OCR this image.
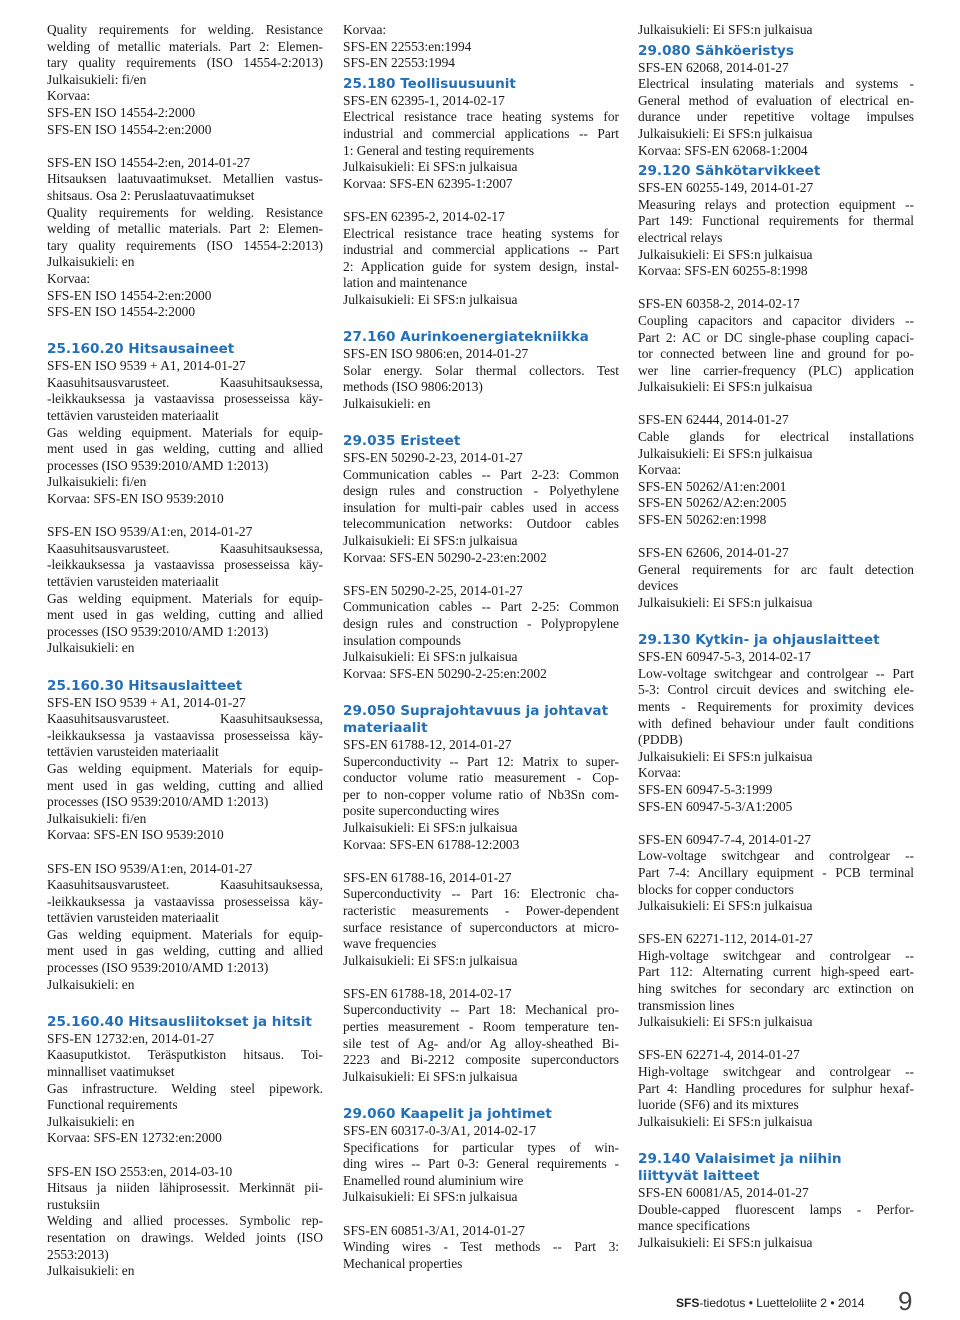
Quality requirements for welding. Resistance
welding of metallic materials. Part 2: Elemen-
tary quality requirements (ISO 14554-2:2013)
Julkaisukieli: fi/en
Korvaa:
SFS-EN ISO 14554-2:2000
SFS-EN ISO 14554-2:en:2000
SFS-EN ISO 14554-2:en, 2014-01-27
Hitsauksen laatuvaatimukset. Metallien vastus-
shitsaus. Osa 2: Peruslaatuvaatimukset
Quality requirements for welding. Resistance
welding of metallic materials. Part 2: Elemen-
tary quality requirements (ISO 14554-2:2013)
Julkaisukieli: en
Korvaa:
SFS-EN ISO 14554-2:en:2000
SFS-EN ISO 14554-2:2000
25.160.20 Hitsausaineet
SFS-EN ISO 9539 + A1, 2014-01-27
Kaasuhitsausvarusteet. Kaasuhitsauksessa,
-leikkauksessa ja vastaavissa prosesseissa käy-
tettävien varusteiden materiaalit
Gas welding equipment. Materials for equip-
ment used in gas welding, cutting and allied
processes (ISO 9539:2010/AMD 1:2013)
Julkaisukieli: fi/en
Korvaa: SFS-EN ISO 9539:2010
SFS-EN ISO 9539/A1:en, 2014-01-27
Kaasuhitsausvarusteet. Kaasuhitsauksessa,
-leikkauksessa ja vastaavissa prosesseissa käy-
tettävien varusteiden materiaalit
Gas welding equipment. Materials for equip-
ment used in gas welding, cutting and allied
processes (ISO 9539:2010/AMD 1:2013)
Julkaisukieli: en
25.160.30 Hitsauslaitteet
SFS-EN ISO 9539 + A1, 2014-01-27
Kaasuhitsausvarusteet. Kaasuhitsauksessa,
-leikkauksessa ja vastaavissa prosesseissa käy-
tettävien varusteiden materiaalit
Gas welding equipment. Materials for equip-
ment used in gas welding, cutting and allied
processes (ISO 9539:2010/AMD 1:2013)
Julkaisukieli: fi/en
Korvaa: SFS-EN ISO 9539:2010
SFS-EN ISO 9539/A1:en, 2014-01-27
Kaasuhitsausvarusteet. Kaasuhitsauksessa,
-leikkauksessa ja vastaavissa prosesseissa käy-
tettävien varusteiden materiaalit
Gas welding equipment. Materials for equip-
ment used in gas welding, cutting and allied
processes (ISO 9539:2010/AMD 1:2013)
Julkaisukieli: en
25.160.40 Hitsausliitokset ja hitsit
SFS-EN 12732:en, 2014-01-27
Kaasuputkistot. Teräsputkiston hitsaus. Toi-
minnalliset vaatimukset
Gas infrastructure. Welding steel pipework.
Functional requirements
Julkaisukieli: en
Korvaa: SFS-EN 12732:en:2000
SFS-EN ISO 2553:en, 2014-03-10
Hitsaus ja niiden lähiprosessit. Merkinnät pii-
rustuksiin
Welding and allied processes. Symbolic rep-
resentation on drawings. Welded joints (ISO
2553:2013)
Julkaisukieli: en
Korvaa:
SFS-EN 22553:en:1994
SFS-EN 22553:1994
25.180 Teollisuusuunit
SFS-EN 62395-1, 2014-02-17
Electrical resistance trace heating systems for
industrial and commercial applications -- Part
1: General and testing requirements
Julkaisukieli: Ei SFS:n julkaisua
Korvaa: SFS-EN 62395-1:2007
SFS-EN 62395-2, 2014-02-17
Electrical resistance trace heating systems for
industrial and commercial applications -- Part
2: Application guide for system design, instal-
lation and maintenance
Julkaisukieli: Ei SFS:n julkaisua
27.160 Aurinkoenergiatekniikka
SFS-EN ISO 9806:en, 2014-01-27
Solar energy. Solar thermal collectors. Test
methods (ISO 9806:2013)
Julkaisukieli: en
29.035 Eristeet
SFS-EN 50290-2-23, 2014-01-27
Communication cables -- Part 2-23: Common
design rules and construction - Polyethylene
insulation for multi-pair cables used in access
telecommunication networks: Outdoor cables
Julkaisukieli: Ei SFS:n julkaisua
Korvaa: SFS-EN 50290-2-23:en:2002
SFS-EN 50290-2-25, 2014-01-27
Communication cables -- Part 2-25: Common
design rules and construction - Polypropylene
insulation compounds
Julkaisukieli: Ei SFS:n julkaisua
Korvaa: SFS-EN 50290-2-25:en:2002
29.050 Suprajohtavuus ja johtavat
materiaalit
SFS-EN 61788-12, 2014-01-27
Superconductivity -- Part 12: Matrix to super-
conductor volume ratio measurement - Cop-
per to non-copper volume ratio of Nb3Sn com-
posite superconducting wires
Julkaisukieli: Ei SFS:n julkaisua
Korvaa: SFS-EN 61788-12:2003
SFS-EN 61788-16, 2014-01-27
Superconductivity -- Part 16: Electronic cha-
racteristic measurements - Power-dependent
surface resistance of superconductors at micro-
wave frequencies
Julkaisukieli: Ei SFS:n julkaisua
SFS-EN 61788-18, 2014-02-17
Superconductivity -- Part 18: Mechanical pro-
perties measurement - Room temperature ten-
sile test of Ag- and/or Ag alloy-sheathed Bi-
2223 and Bi-2212 composite superconductors
Julkaisukieli: Ei SFS:n julkaisua
29.060 Kaapelit ja johtimet
SFS-EN 60317-0-3/A1, 2014-02-17
Specifications for particular types of win-
ding wires -- Part 0-3: General requirements -
Enamelled round aluminium wire
Julkaisukieli: Ei SFS:n julkaisua
SFS-EN 60851-3/A1, 2014-01-27
Winding wires - Test methods -- Part 3:
Mechanical properties
Julkaisukieli: Ei SFS:n julkaisua
29.080 Sähköeristys
SFS-EN 62068, 2014-01-27
Electrical insulating materials and systems -
General method of evaluation of electrical en-
durance under repetitive voltage impulses
Julkaisukieli: Ei SFS:n julkaisua
Korvaa: SFS-EN 62068-1:2004
29.120 Sähkötarvikkeet
SFS-EN 60255-149, 2014-01-27
Measuring relays and protection equipment --
Part 149: Functional requirements for thermal
electrical relays
Julkaisukieli: Ei SFS:n julkaisua
Korvaa: SFS-EN 60255-8:1998
SFS-EN 60358-2, 2014-02-17
Coupling capacitors and capacitor dividers --
Part 2: AC or DC single-phase coupling capaci-
tor connected between line and ground for po-
wer line carrier-frequency (PLC) application
Julkaisukieli: Ei SFS:n julkaisua
SFS-EN 62444, 2014-01-27
Cable glands for electrical installations
Julkaisukieli: Ei SFS:n julkaisua
Korvaa:
SFS-EN 50262/A1:en:2001
SFS-EN 50262/A2:en:2005
SFS-EN 50262:en:1998
SFS-EN 62606, 2014-01-27
General requirements for arc fault detection
devices
Julkaisukieli: Ei SFS:n julkaisua
29.130 Kytkin- ja ohjauslaitteet
SFS-EN 60947-5-3, 2014-02-17
Low-voltage switchgear and controlgear -- Part
5-3: Control circuit devices and switching ele-
ments - Requirements for proximity devices
with defined behaviour under fault conditions
(PDDB)
Julkaisukieli: Ei SFS:n julkaisua
Korvaa:
SFS-EN 60947-5-3:1999
SFS-EN 60947-5-3/A1:2005
SFS-EN 60947-7-4, 2014-01-27
Low-voltage switchgear and controlgear --
Part 7-4: Ancillary equipment - PCB terminal
blocks for copper conductors
Julkaisukieli: Ei SFS:n julkaisua
SFS-EN 62271-112, 2014-01-27
High-voltage switchgear and controlgear --
Part 112: Alternating current high-speed eart-
hing switches for secondary arc extinction on
transmission lines
Julkaisukieli: Ei SFS:n julkaisua
SFS-EN 62271-4, 2014-01-27
High-voltage switchgear and controlgear --
Part 4: Handling procedures for sulphur hexaf-
luoride (SF6) and its mixtures
Julkaisukieli: Ei SFS:n julkaisua
29.140 Valaisimet ja niihin
liittyvät laitteet
SFS-EN 60081/A5, 2014-01-27
Double-capped fluorescent lamps - Perfor-
mance specifications
Julkaisukieli: Ei SFS:n julkaisua
SFS-tiedotus • Luetteloliite 2 • 2014 9
